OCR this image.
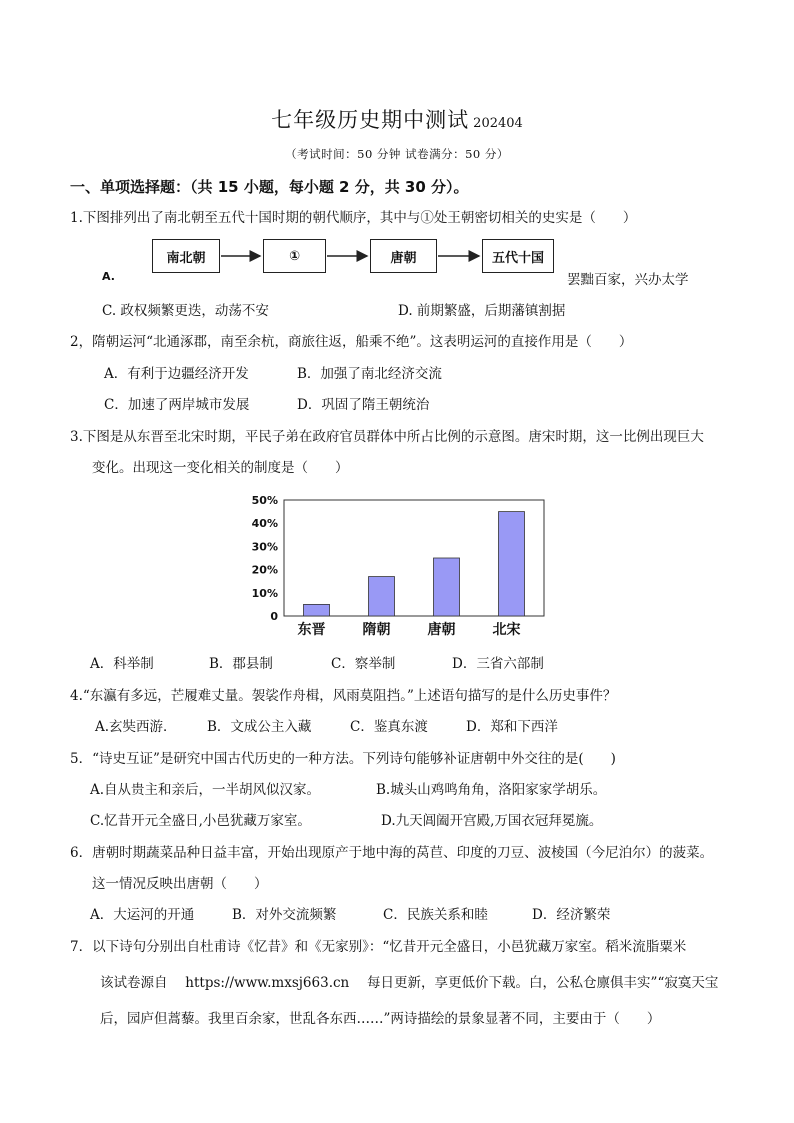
七年级历史期中测试 202404
（考试时间：50 分钟 试卷满分：50 分）
一、单项选择题：（共 15 小题，每小题 2 分，共 30 分）。
1.下图排列出了南北朝至五代十国时期的朝代顺序，其中与①处王朝密切相关的史实是（　　）
南北朝	①	唐朝	五代十国
A.	罢黜百家，兴办太学
C. 政权频繁更迭，动荡不安	D. 前期繁盛，后期藩镇割据
2，隋朝运河“北通涿郡，南至余杭，商旅往返，船乘不绝”。这表明运河的直接作用是（　　）
A．有利于边疆经济开发	B．加强了南北经济交流
C．加速了两岸城市发展	D．巩固了隋王朝统治
3.下图是从东晋至北宋时期，平民子弟在政府官员群体中所占比例的示意图。唐宋时期，这一比例出现巨大
变化。出现这一变化相关的制度是（　　）
50%
40%
30%
20%
10%
0
东晋	隋朝	唐朝	北宋
A．科举制	B．郡县制	C．察举制	D．三省六部制
4.“东瀛有多远，芒履难丈量。袈裟作舟楫，风雨莫阻挡。”上述语句描写的是什么历史事件？
A.玄奘西游． B．文成公主入藏	C．鉴真东渡	D．郑和下西洋
5．“诗史互证”是研究中国古代历史的一种方法。下列诗句能够补证唐朝中外交往的是(　　)
A.自从贵主和亲后，一半胡风似汉家。	B.城头山鸡鸣角角，洛阳家家学胡乐。
C.忆昔开元全盛日,小邑犹藏万家室。	D.九天阊阖开宫殿,万国衣冠拜冕旒。
6．唐朝时期蔬菜品种日益丰富，开始出现原产于地中海的莴苣、印度的刀豆、波棱国（今尼泊尔）的菠菜。
这一情况反映出唐朝（　　）
A．大运河的开通	B．对外交流频繁	C．民族关系和睦	D．经济繁荣
7．以下诗句分别出自杜甫诗《忆昔》和《无家别》：“忆昔开元全盛日，小邑犹藏万家室。稻米流脂粟米
该试卷源自　 https://www.mxsj663.cn　 每日更新，享更低价下载。白，公私仓廪俱丰实”“寂寞天宝
后，园庐但蒿藜。我里百余家，世乱各东西……”两诗描绘的景象显著不同，主要由于（　　）
